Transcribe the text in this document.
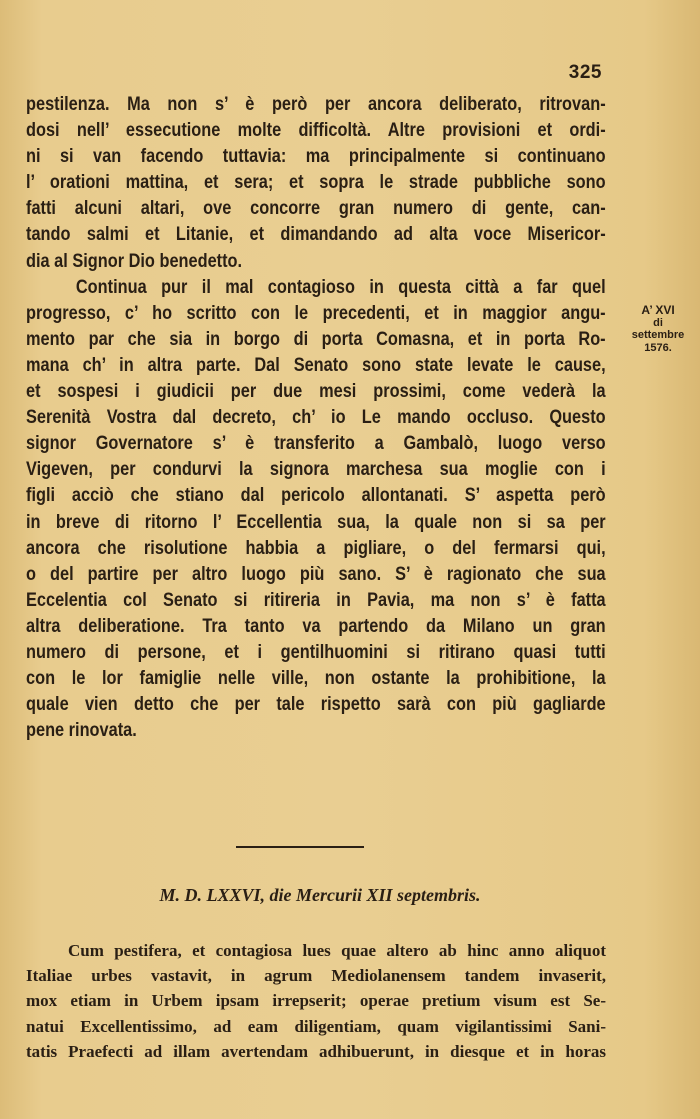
325
pestilenza. Ma non s’ è però per ancora deliberato, ritrovan-
dosi nell’ essecutione molte difficoltà. Altre provisioni et ordi-
ni si van facendo tuttavia: ma principalmente si continuano
l’ orationi mattina, et sera; et sopra le strade pubbliche sono
fatti alcuni altari, ove concorre gran numero di gente, can-
tando salmi et Litanie, et dimandando ad alta voce Misericor-
dia al Signor Dio benedetto.
Continua pur il mal contagioso in questa città a far quel
progresso, c’ ho scritto con le precedenti, et in maggior angu-
mento par che sia in borgo di porta Comasna, et in porta Ro-
mana ch’ in altra parte. Dal Senato sono state levate le cause,
et sospesi i giudicii per due mesi prossimi, come vederà la
Serenità Vostra dal decreto, ch’ io Le mando occluso. Questo
signor Governatore s’ è transferito a Gambalò, luogo verso
Vigeven, per condurvi la signora marchesa sua moglie con i
figli acciò che stiano dal pericolo allontanati. S’ aspetta però
in breve di ritorno l’ Eccellentia sua, la quale non si sa per
ancora che risolutione habbia a pigliare, o del fermarsi qui,
o del partire per altro luogo più sano. S’ è ragionato che sua
Eccelentia col Senato si ritireria in Pavia, ma non s’ è fatta
altra deliberatione. Tra tanto va partendo da Milano un gran
numero di persone, et i gentilhuomini si ritirano quasi tutti
con le lor famiglie nelle ville, non ostante la prohibitione, la
quale vien detto che per tale rispetto sarà con più gagliarde
pene rinovata.
A’ XVI
di
settembre
1576.
M. D. LXXVI, die Mercurii XII septembris.
Cum pestifera, et contagiosa lues quae altero ab hinc anno aliquot
Italiae urbes vastavit, in agrum Mediolanensem tandem invaserit,
mox etiam in Urbem ipsam irrepserit; operae pretium visum est Se-
natui Excellentissimo, ad eam diligentiam, quam vigilantissimi Sani-
tatis Praefecti ad illam avertendam adhibuerunt, in diesque et in horas
